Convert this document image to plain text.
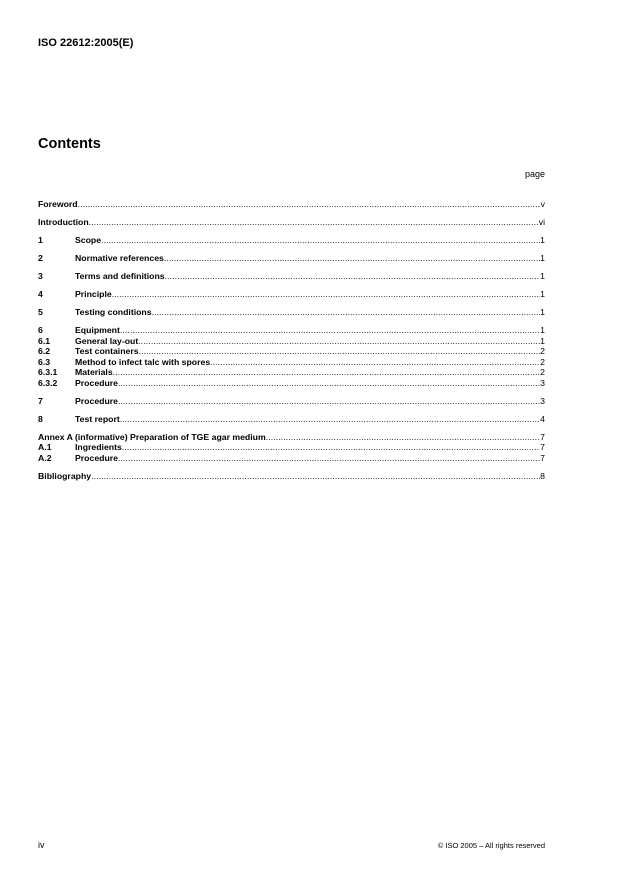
ISO 22612:2005(E)
Contents
page
Foreword .....	v
Introduction .....	vi
1	Scope .....	1
2	Normative references .....	1
3	Terms and definitions .....	1
4	Principle .....	1
5	Testing conditions .....	1
6	Equipment .....	1
6.1	General lay-out .....	1
6.2	Test containers .....	2
6.3	Method to infect talc with spores .....	2
6.3.1	Materials .....	2
6.3.2	Procedure .....	3
7	Procedure .....	3
8	Test report .....	4
Annex A (informative) Preparation of TGE agar medium .....	7
A.1	Ingredients .....	7
A.2	Procedure .....	7
Bibliography .....	8
iv	© ISO 2005 – All rights reserved
